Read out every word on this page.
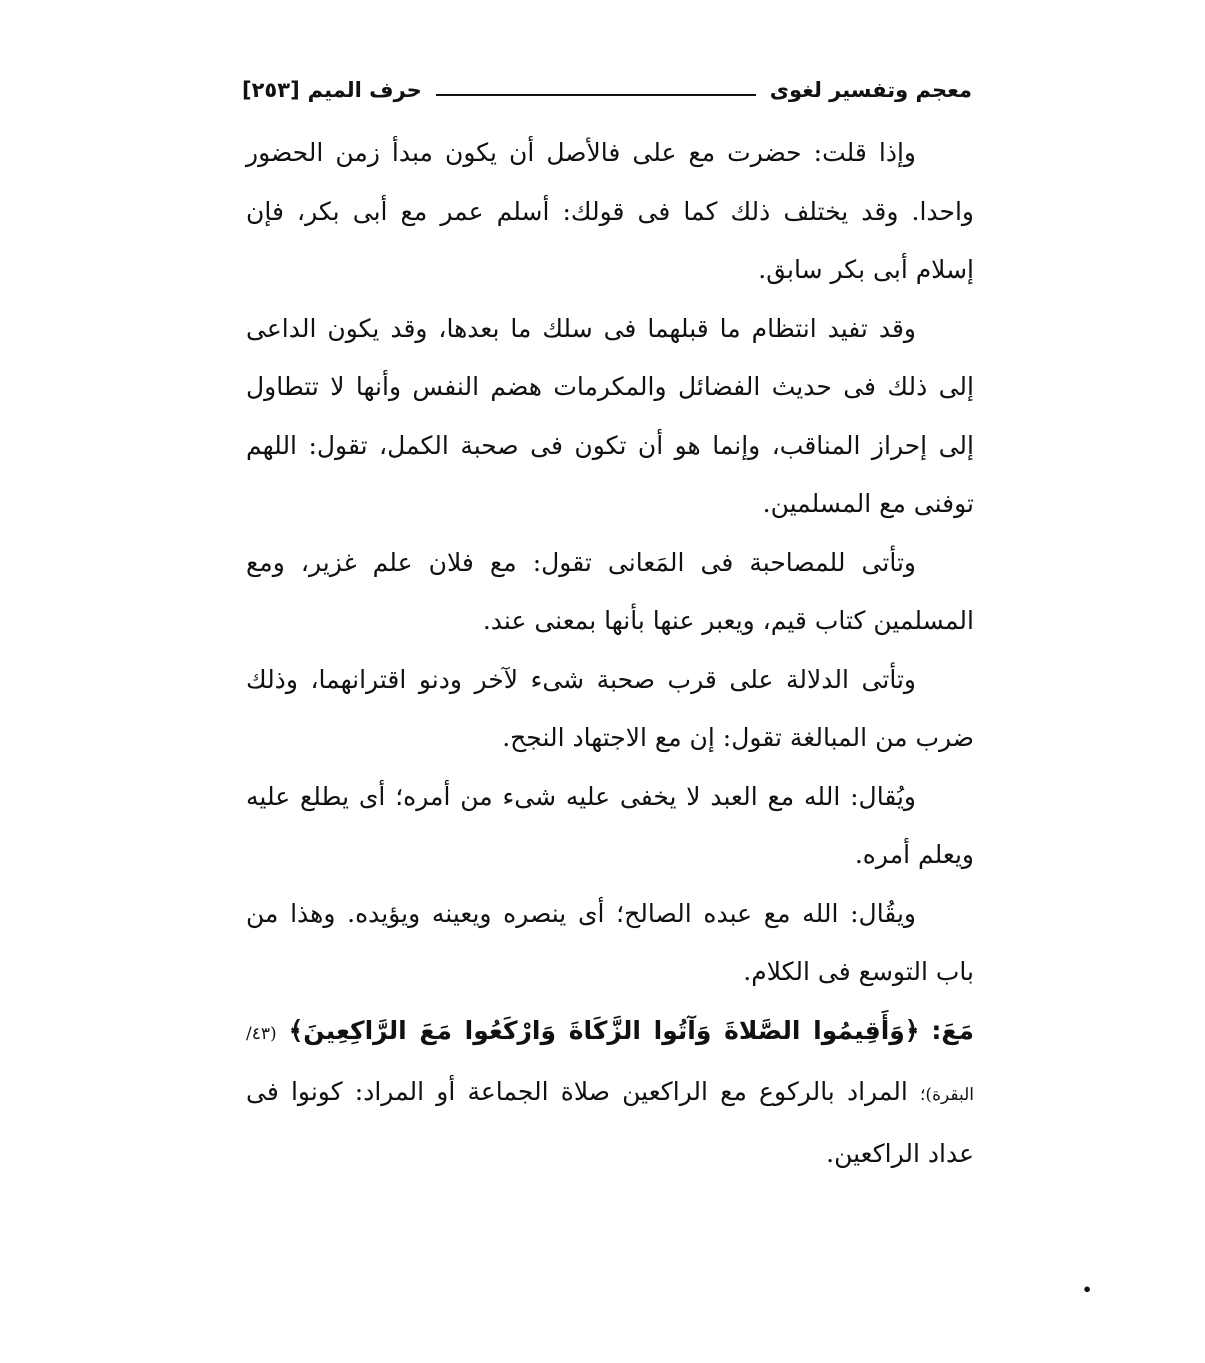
معجم وتفسير لغوى
حرف الميم
[٢٥٣]

وإذا قلت: حضرت مع على فالأصل أن يكون مبدأ زمن الحضور واحدا. وقد يختلف ذلك كما فى قولك: أسلم عمر مع أبى بكر، فإن إسلام أبى بكر سابق.

وقد تفيد انتظام ما قبلهما فى سلك ما بعدها، وقد يكون الداعى إلى ذلك فى حديث الفضائل والمكرمات هضم النفس وأنها لا تتطاول إلى إحراز المناقب، وإنما هو أن تكون فى صحبة الكمل، تقول: اللهم توفنى مع المسلمين.

وتأتى للمصاحبة فى المَعانى تقول: مع فلان علم غزير، ومع المسلمين كتاب قيم، ويعبر عنها بأنها بمعنى عند.

وتأتى الدلالة على قرب صحبة شىء لآخر ودنو اقترانهما، وذلك ضرب من المبالغة تقول: إن مع الاجتهاد النجح.

ويُقال: الله مع العبد لا يخفى عليه شىء من أمره؛ أى يطلع عليه ويعلم أمره.

ويقُال: الله مع عبده الصالح؛ أى ينصره ويعينه ويؤيده. وهذا من باب التوسع فى الكلام.

مَعَ: ﴿وَأَقِيمُوا الصَّلاةَ وَآتُوا الزَّكَاةَ وَارْكَعُوا مَعَ الرَّاكِعِينَ﴾ (٤٣/ البقرة)؛ المراد بالركوع مع الراكعين صلاة الجماعة أو المراد: كونوا فى عداد الراكعين.

•
